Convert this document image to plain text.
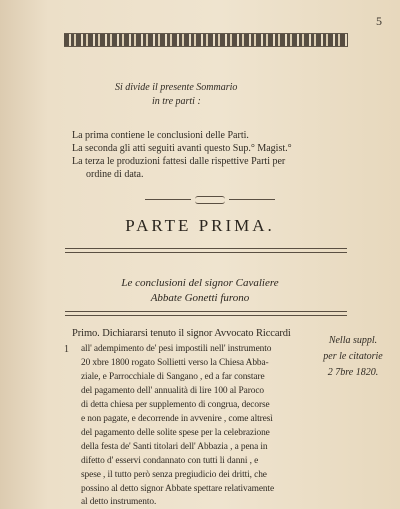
5
Si divide il presente Sommario
in tre parti :
La prima contiene le conclusioni delle Parti.
La seconda gli atti seguiti avanti questo Sup.° Magist.°
La terza le produzioni fattesi dalle rispettive Parti per
ordine di data.
PARTE PRIMA.
Le conclusioni del signor Cavaliere
Abbate Gonetti furono
1
Primo. Dichiararsi tenuto il signor Avvocato Riccardi
all' adempimento de' pesi impostili nell' instrumento
20 xbre 1800 rogato Sollietti verso la Chiesa Abba-
ziale, e Parrocchiale di Sangano , ed a far constare
del pagamento dell' annualità di lire 100 al Paroco
di detta chiesa per supplemento di congrua, decorse
e non pagate, e decorrende in avvenire , come altresì
del pagamento delle solite spese per la celebrazione
della festa de' Santi titolari dell' Abbazia , a pena in
difetto d' esservi condannato con tutti li danni , e
spese , il tutto però senza pregiudicio dei dritti, che
possino al detto signor Abbate spettare relativamente
al detto instrumento.
Nella suppl.
per le citatorie
2 7bre 1820.
